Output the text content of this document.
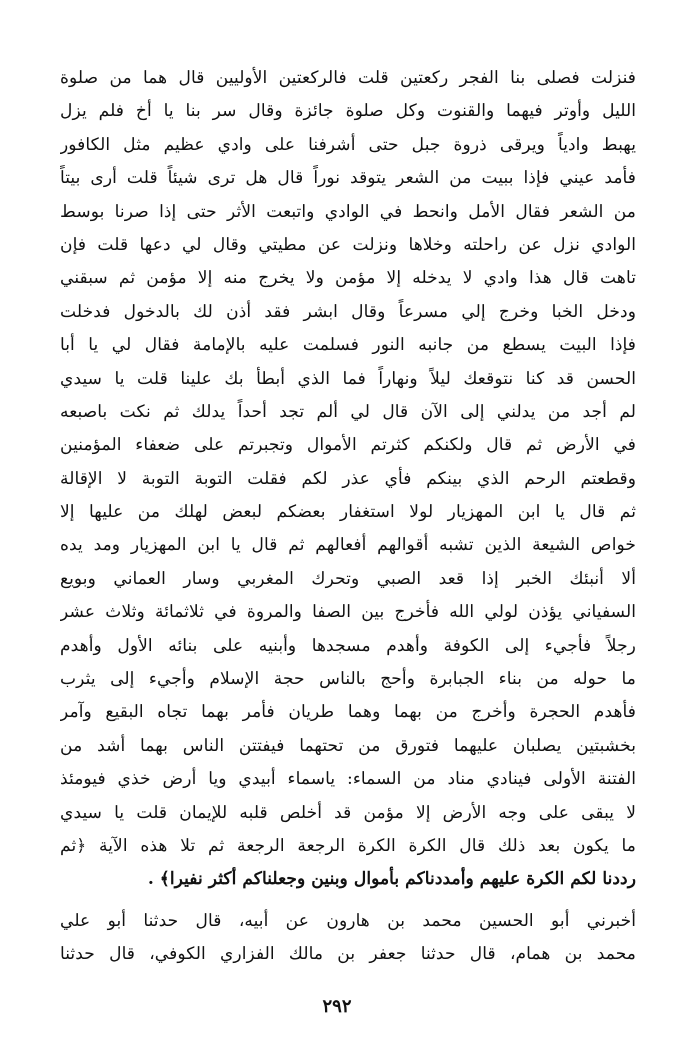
فنزلت فصلى بنا الفجر ركعتين قلت فالركعتين الأوليين قال هما من صلوة
الليل وأوتر فيهما والقنوت وكل صلوة جائزة وقال سر بنا يا أخ فلم يزل
يهبط وادياً ويرقى ذروة جبل حتى أشرفنا على وادي عظيم مثل الكافور
فأمد عيني فإذا ببيت من الشعر يتوقد نوراً قال هل ترى شيئاً قلت أرى بيتاً
من الشعر فقال الأمل وانحط في الوادي واتبعت الأثر حتى إذا صرنا بوسط
الوادي نزل عن راحلته وخلاها ونزلت عن مطيتي وقال لي دعها قلت فإن
تاهت قال هذا وادي لا يدخله إلا مؤمن ولا يخرج منه إلا مؤمن ثم سبقني
ودخل الخبا وخرج إلي مسرعاً وقال ابشر فقد أذن لك بالدخول فدخلت
فإذا البيت يسطع من جانبه النور فسلمت عليه بالإمامة فقال لي يا أبا
الحسن قد كنا نتوقعك ليلاً ونهاراً فما الذي أبطأ بك علينا قلت يا سيدي
لم أجد من يدلني إلى الآن قال لي ألم تجد أحداً يدلك ثم نكت باصبعه
في الأرض ثم قال ولكنكم كثرتم الأموال وتجبرتم على ضعفاء المؤمنين
وقطعتم الرحم الذي بينكم فأي عذر لكم فقلت التوبة التوبة لا الإقالة
ثم قال يا ابن المهزيار لولا استغفار بعضكم لبعض لهلك من عليها إلا
خواص الشيعة الذين تشبه أقوالهم أفعالهم ثم قال يا ابن المهزيار ومد يده
ألا أنبئك الخبر إذا قعد الصبي وتحرك المغربي وسار العماني وبويع
السفياني يؤذن لولي الله فأخرج بين الصفا والمروة في ثلاثمائة وثلاث عشر
رجلاً فأجيء إلى الكوفة وأهدم مسجدها وأبنيه على بنائه الأول وأهدم
ما حوله من بناء الجبابرة وأحج بالناس حجة الإسلام وأجيء إلى يثرب
فأهدم الحجرة وأخرج من بهما وهما طريان فأمر بهما تجاه البقيع وآمر
بخشبتين يصلبان عليهما فتورق من تحتهما فيفتتن الناس بهما أشد من
الفتنة الأولى فينادي مناد من السماء: ياسماء أبيدي ويا أرض خذي فيومئذ
لا يبقى على وجه الأرض إلا مؤمن قد أخلص قلبه للإيمان قلت يا سيدي
ما يكون بعد ذلك قال الكرة الكرة الرجعة الرجعة ثم تلا هذه الآية ﴿ثم
رددنا لكم الكرة عليهم وأمددناكم بأموال وبنين وجعلناكم أكثر نفيرا﴾ .
أخبرني أبو الحسين محمد بن هارون عن أبيه، قال حدثنا أبو علي
محمد بن همام، قال حدثنا جعفر بن مالك الفزاري الكوفي، قال حدثنا
٢٩٢
